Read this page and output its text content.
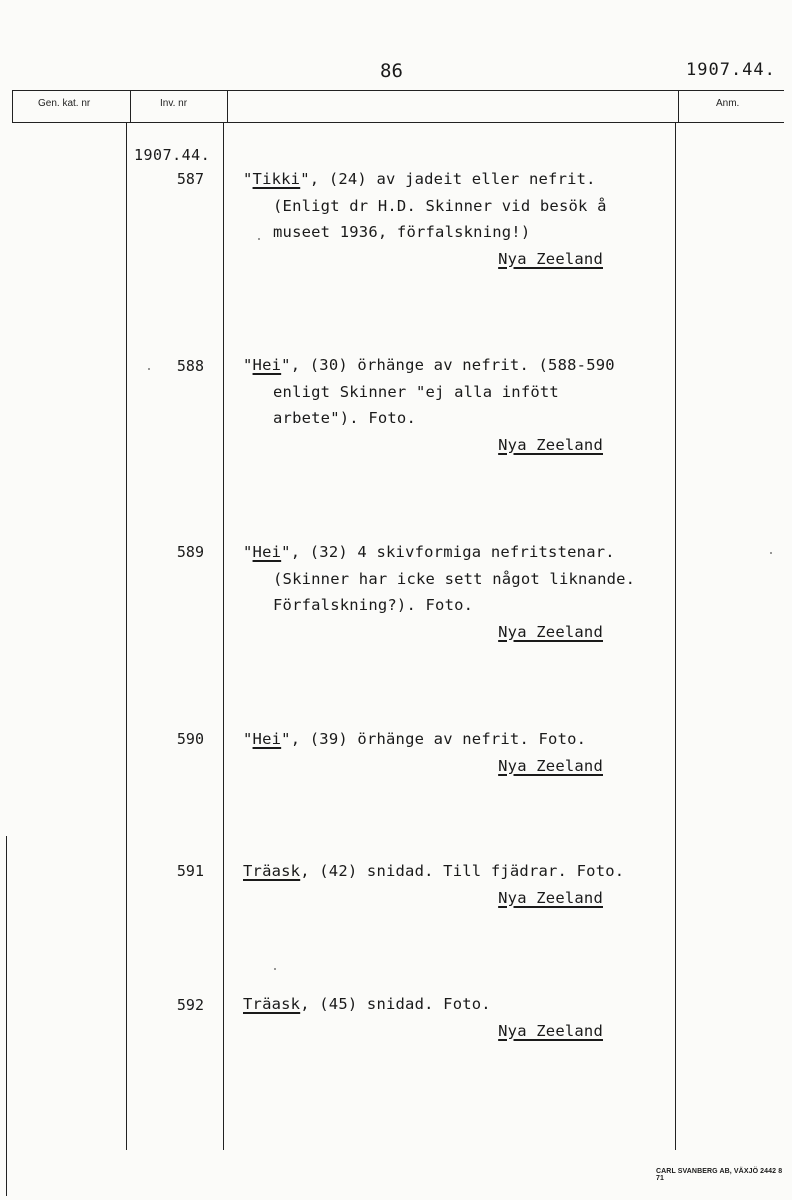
86	1907.44.
Gen. kat. nr	Inv. nr	Anm.
1907.44.
587	"Tikki", (24) av jadeit eller nefrit.
(Enligt dr H.D. Skinner vid besök å
museet 1936, förfalskning!)
Nya Zeeland
588	"Hei", (30) örhänge av nefrit. (588-590
enligt Skinner "ej alla infött
arbete"). Foto.
Nya Zeeland
589	"Hei", (32) 4 skivformiga nefritstenar.
(Skinner har icke sett något liknande.
Förfalskning?). Foto.
Nya Zeeland
590	"Hei", (39) örhänge av nefrit. Foto.
Nya Zeeland
591	Träask, (42) snidad. Till fjädrar. Foto.
Nya Zeeland
592	Träask, (45) snidad. Foto.
Nya Zeeland
CARL SVANBERG AB, VÄXJÖ 2442 8 71
